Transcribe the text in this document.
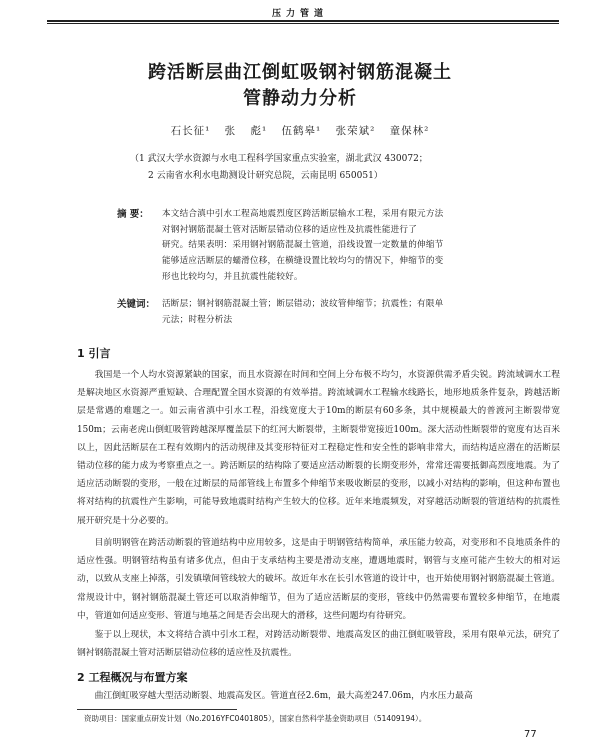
压力管道
跨活断层曲江倒虹吸钢衬钢筋混凝土
管静动力分析
石长征¹ 张 彪¹ 伍鹤皋¹ 张荣斌² 童保林²
（1 武汉大学水资源与水电工程科学国家重点实验室，湖北武汉 430072；
2 云南省水利水电勘测设计研究总院，云南昆明 650051）
摘 要： 本文结合滇中引水工程高地震烈度区跨活断层输水工程，采用有限元方法
对钢衬钢筋混凝土管对活断层错动位移的适应性及抗震性能进行了
研究。结果表明：采用钢衬钢筋混凝土管道，沿线设置一定数量的伸缩节
能够适应活断层的蠕滑位移，在横缝设置比较均匀的情况下，伸缩节的变
形也比较均匀，并且抗震性能较好。
关键词： 活断层；钢衬钢筋混凝土管；断层错动；波纹管伸缩节；抗震性；有限单
元法；时程分析法
1 引言

我国是一个人均水资源紧缺的国家，而且水资源在时间和空间上分布极不均匀，水资源供需矛盾尖锐。跨流域调水工程是解决地区水资源严重短缺、合理配置全国水资源的有效举措。跨流域调水工程输水线路长，地形地质条件复杂，跨越活断层是常遇的难题之一。如云南省滇中引水工程，沿线宽度大于10m的断层有60多条，其中规模最大的普渡河主断裂带宽150m；云南老虎山倒虹吸管跨越深厚覆盖层下的红河大断裂带，主断裂带宽接近100m。深大活动性断裂带的宽度有达百米以上，因此活断层在工程有效期内的活动规律及其变形特征对工程稳定性和安全性的影响非常大，而结构适应潜在的活断层错动位移的能力成为考察重点之一。跨活断层的结构除了要适应活动断裂的长期变形外，常常还需要抵御高烈度地震。为了适应活动断裂的变形，一般在过断层的局部管线上布置多个伸缩节来吸收断层的变形，以减小对结构的影响，但这种布置也将对结构的抗震性产生影响，可能导致地震时结构产生较大的位移。近年来地震频发，对穿越活动断裂的管道结构的抗震性展开研究是十分必要的。

目前明钢管在跨活动断裂的管道结构中应用较多，这是由于明钢管结构简单，承压能力较高，对变形和不良地质条件的适应性强。明钢管结构虽有诸多优点，但由于支承结构主要是滑动支座，遭遇地震时，钢管与支座可能产生较大的相对运动，以致从支座上掉落，引发镇墩间管线较大的破坏。故近年水在长引水管道的设计中，也开始使用钢衬钢筋混凝土管道。常规设计中，钢衬钢筋混凝土管还可以取消伸缩节，但为了适应活断层的变形，管线中仍然需要布置较多伸缩节，在地震中，管道如何适应变形、管道与地基之间是否会出现大的滑移，这些问题均有待研究。

鉴于以上现状，本文将结合滇中引水工程，对跨活动断裂带、地震高发区的曲江倒虹吸管段，采用有限单元法，研究了钢衬钢筋混凝土管对活断层错动位移的适应性及抗震性。

2 工程概况与布置方案

曲江倒虹吸穿越大型活动断裂、地震高发区。管道直径2.6m，最大高差247.06m，内水压力最高

资助项目：国家重点研发计划（No.2016YFC0401805），国家自然科学基金资助项目（51409194）。
77
